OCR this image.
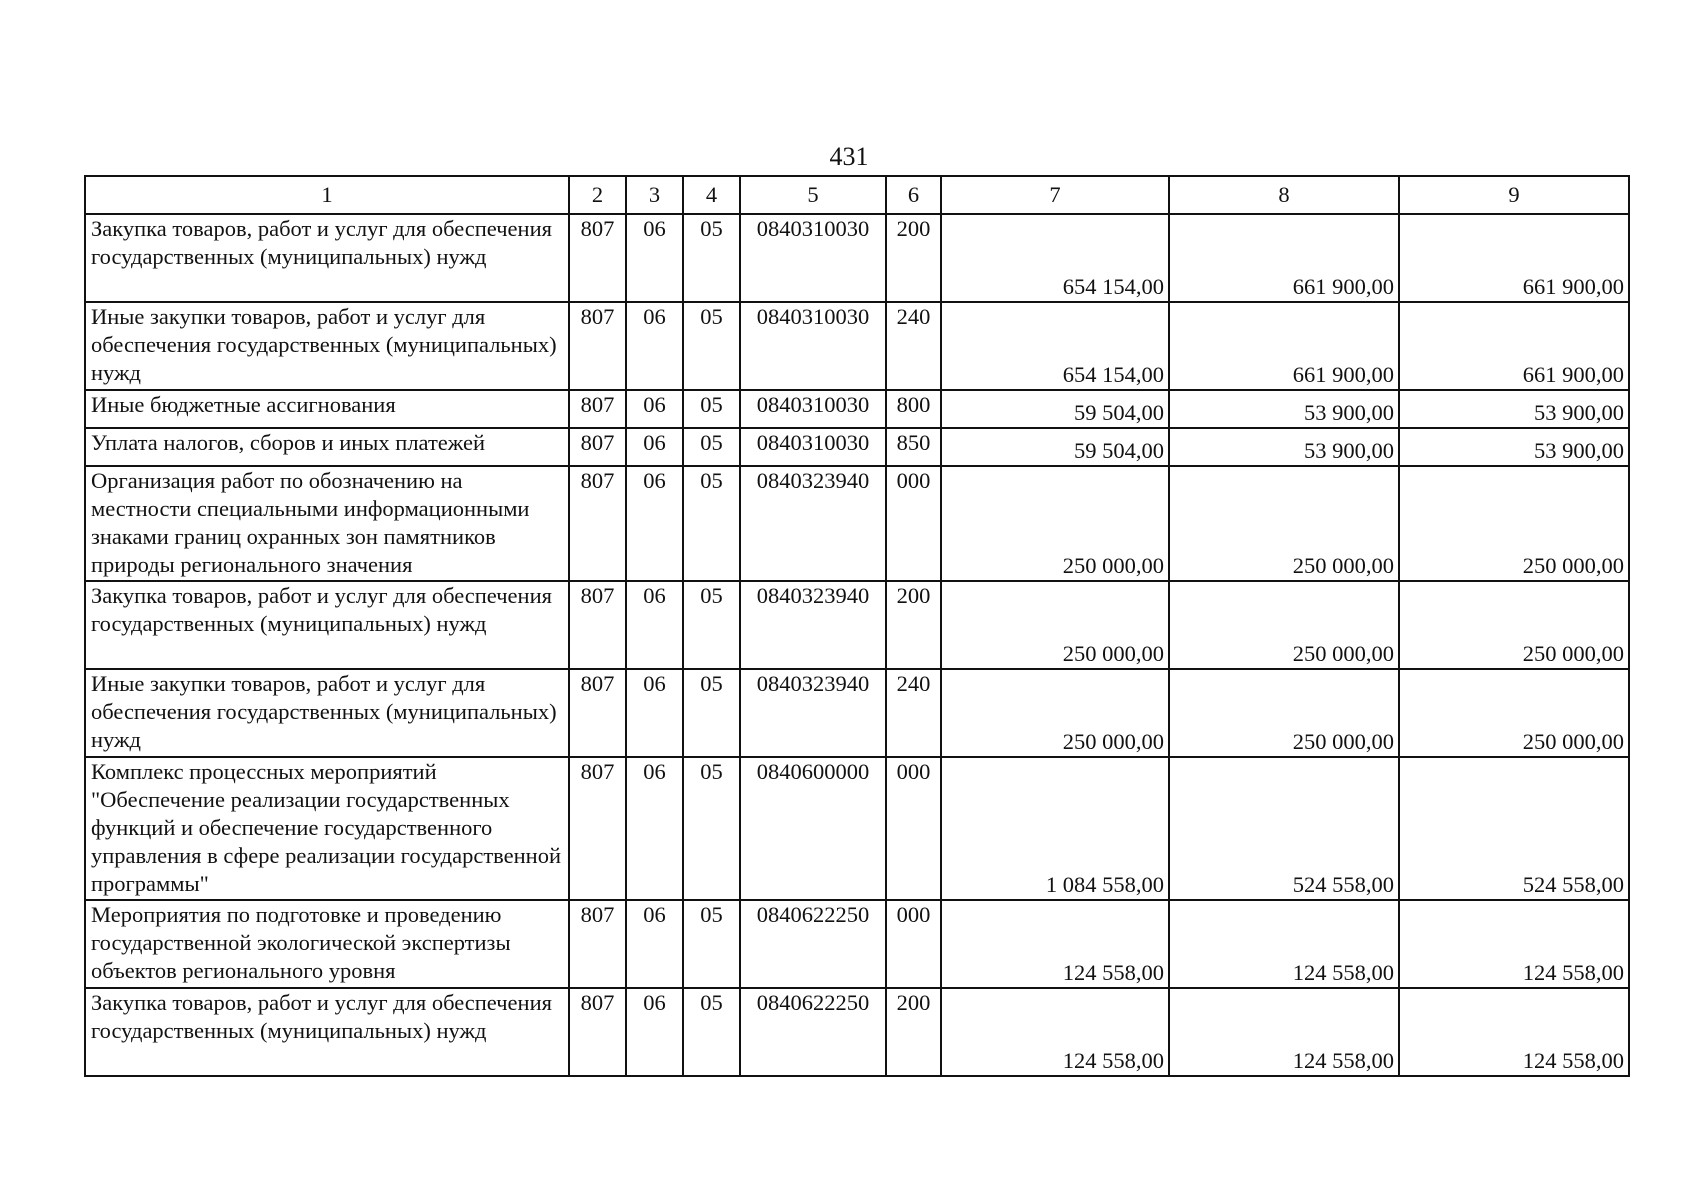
431
1	2	3	4	5	6	7	8	9
Закупка товаров, работ и услуг для обеспечения государственных (муниципальных) нужд	807	06	05	0840310030	200	654 154,00	661 900,00	661 900,00
Иные закупки товаров, работ и услуг для обеспечения государственных (муниципальных) нужд	807	06	05	0840310030	240	654 154,00	661 900,00	661 900,00
Иные бюджетные ассигнования	807	06	05	0840310030	800	59 504,00	53 900,00	53 900,00
Уплата налогов, сборов и иных платежей	807	06	05	0840310030	850	59 504,00	53 900,00	53 900,00
Организация работ по обозначению на местности специальными информационными знаками границ охранных зон памятников природы регионального значения	807	06	05	0840323940	000	250 000,00	250 000,00	250 000,00
Закупка товаров, работ и услуг для обеспечения государственных (муниципальных) нужд	807	06	05	0840323940	200	250 000,00	250 000,00	250 000,00
Иные закупки товаров, работ и услуг для обеспечения государственных (муниципальных) нужд	807	06	05	0840323940	240	250 000,00	250 000,00	250 000,00
Комплекс процессных мероприятий "Обеспечение реализации государственных функций и обеспечение государственного управления в сфере реализации государственной программы"	807	06	05	0840600000	000	1 084 558,00	524 558,00	524 558,00
Мероприятия по подготовке и проведению государственной экологической экспертизы объектов регионального уровня	807	06	05	0840622250	000	124 558,00	124 558,00	124 558,00
Закупка товаров, работ и услуг для обеспечения государственных (муниципальных) нужд	807	06	05	0840622250	200	124 558,00	124 558,00	124 558,00
